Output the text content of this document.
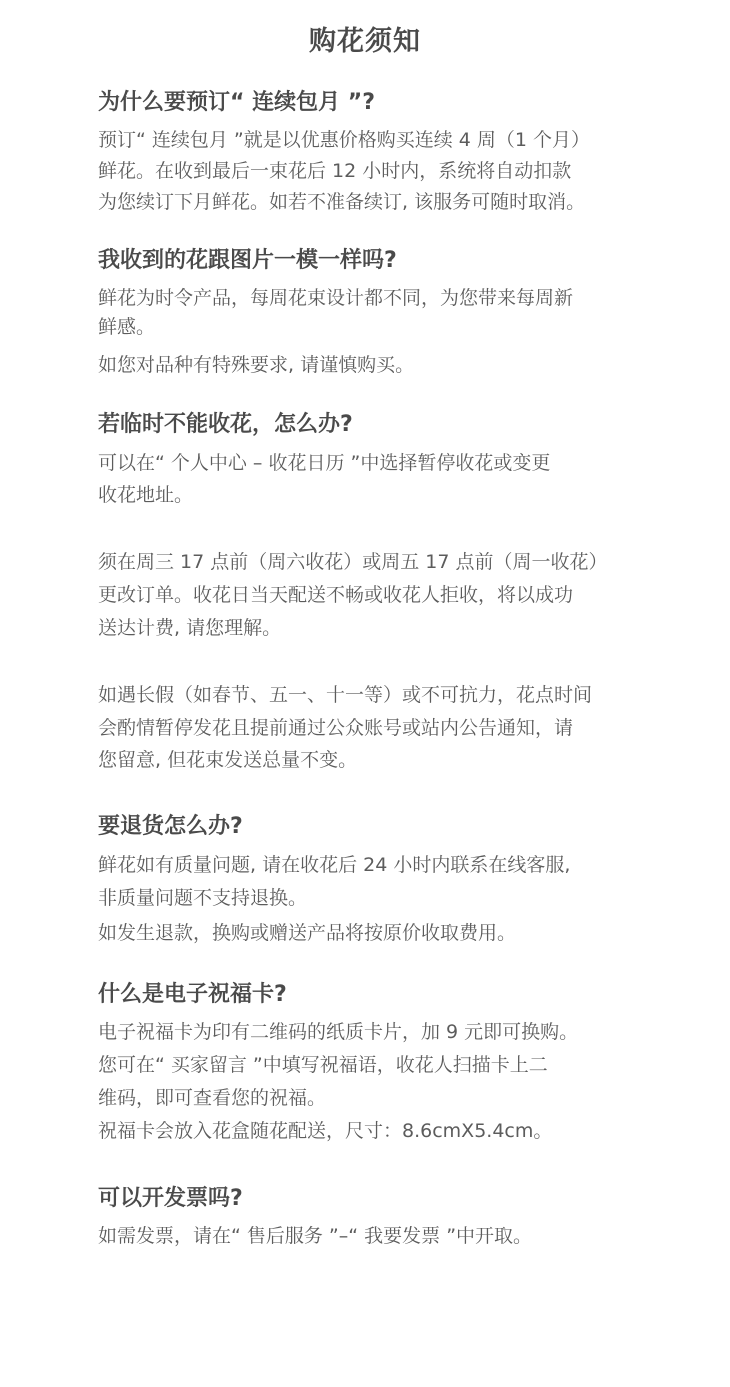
购花须知
为什么要预订“ 连续包月 ”?
预订“ 连续包月 ”就是以优惠价格购买连续 4 周（1 个月）
鲜花。在收到最后一束花后 12 小时内，系统将自动扣款
为您续订下月鲜花。如若不准备续订, 该服务可随时取消。
我收到的花跟图片一模一样吗?
鲜花为时令产品，每周花束设计都不同，为您带来每周新
鲜感。
如您对品种有特殊要求, 请谨慎购买。
若临时不能收花，怎么办?
可以在“ 个人中心 – 收花日历 ”中选择暂停收花或变更
收花地址。
须在周三 17 点前（周六收花）或周五 17 点前（周一收花）
更改订单。收花日当天配送不畅或收花人拒收，将以成功
送达计费, 请您理解。
如遇长假（如春节、五一、十一等）或不可抗力，花点时间
会酌情暂停发花且提前通过公众账号或站内公告通知，请
您留意, 但花束发送总量不变。
要退货怎么办?
鲜花如有质量问题, 请在收花后 24 小时内联系在线客服,
非质量问题不支持退换。
如发生退款，换购或赠送产品将按原价收取费用。
什么是电子祝福卡?
电子祝福卡为印有二维码的纸质卡片，加 9 元即可换购。
您可在“ 买家留言 ”中填写祝福语，收花人扫描卡上二
维码，即可查看您的祝福。
祝福卡会放入花盒随花配送，尺寸：8.6cmX5.4cm。
可以开发票吗?
如需发票，请在“ 售后服务 ”–“ 我要发票 ”中开取。
